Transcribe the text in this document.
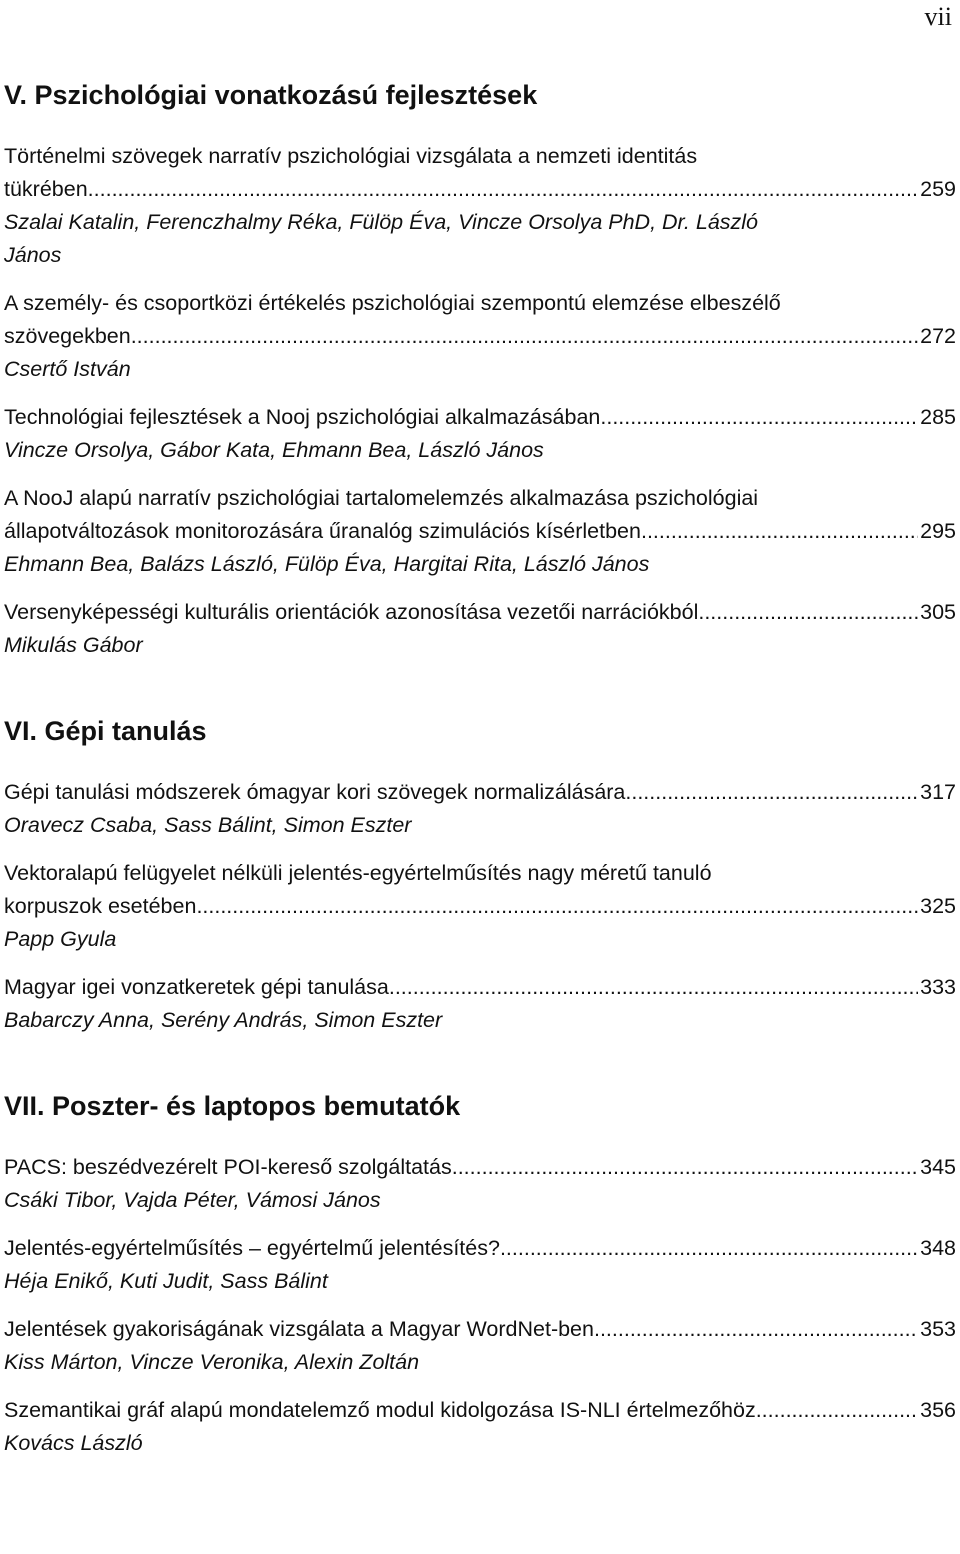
vii
V. Pszichológiai vonatkozású fejlesztések
Történelmi szövegek narratív pszichológiai vizsgálata a nemzeti identitás
tükrében .....	259
Szalai Katalin, Ferenczhalmy Réka, Fülöp Éva, Vincze Orsolya PhD, Dr. László
János
A személy- és csoportközi értékelés pszichológiai szempontú elemzése elbeszélő
szövegekben .....	272
Csertő István
Technológiai fejlesztések a Nooj pszichológiai alkalmazásában .....	285
Vincze Orsolya, Gábor Kata, Ehmann Bea, László János
A NooJ alapú narratív pszichológiai tartalomelemzés alkalmazása pszichológiai
állapotváltozások monitorozására űranalóg szimulációs kísérletben .....	295
Ehmann Bea, Balázs László, Fülöp Éva, Hargitai Rita, László János
Versenyképességi kulturális orientációk azonosítása vezetői narrációkból .....	305
Mikulás Gábor
VI. Gépi tanulás
Gépi tanulási módszerek ómagyar kori szövegek normalizálására .....	317
Oravecz Csaba, Sass Bálint, Simon Eszter
Vektoralapú felügyelet nélküli jelentés-egyértelműsítés nagy méretű tanuló
korpuszok esetében .....	325
Papp Gyula
Magyar igei vonzatkeretek gépi tanulása .....	333
Babarczy Anna, Serény András, Simon Eszter
VII. Poszter- és laptopos bemutatók
PACS: beszédvezérelt POI-kereső szolgáltatás .....	345
Csáki Tibor, Vajda Péter, Vámosi János
Jelentés-egyértelműsítés – egyértelmű jelentésítés? .....	348
Héja Enikő, Kuti Judit, Sass Bálint
Jelentések gyakoriságának vizsgálata a Magyar WordNet-ben .....	353
Kiss Márton, Vincze Veronika, Alexin Zoltán
Szemantikai gráf alapú mondatelemző modul kidolgozása IS-NLI értelmezőhöz .....	356
Kovács László
